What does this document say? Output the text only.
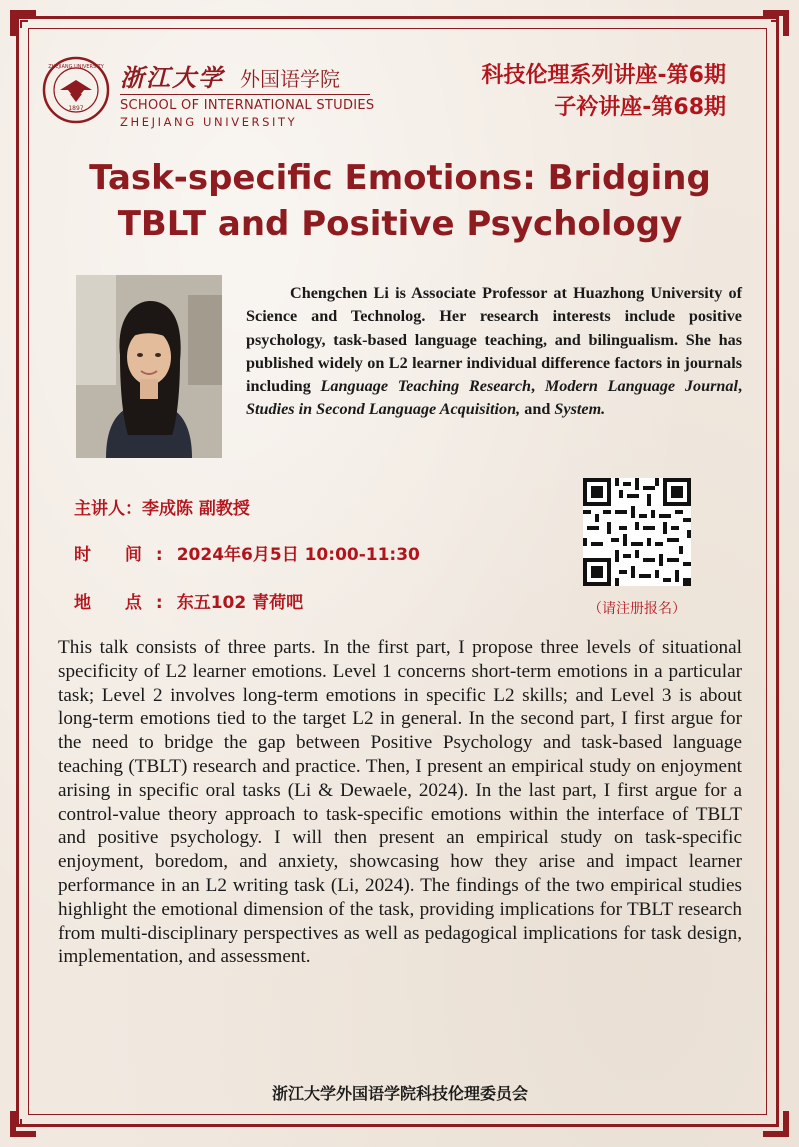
1897
ZHEJIANG UNIVERSITY 浙江大学 外国语学院
SCHOOL OF INTERNATIONAL STUDIES
ZHEJIANG UNIVERSITY
科技伦理系列讲座-第6期
子衿讲座-第68期
Task-specific Emotions: Bridging
TBLT and Positive Psychology
Chengchen Li is Associate Professor at Huazhong University of Science and Technolog. Her research interests include positive psychology, task-based language teaching, and bilingualism. She has published widely on L2 learner individual difference factors in journals including Language Teaching Research, Modern Language Journal, Studies in Second Language Acquisition, and System.
主讲人：李成陈 副教授
时 间:2024年6月5日 10:00-11:30
地 点:东五102 青荷吧	（请注册报名）
This talk consists of three parts. In the first part, I propose three levels of situational specificity of L2 learner emotions. Level 1 concerns short-term emotions in a particular task; Level 2 involves long-term emotions in specific L2 skills; and Level 3 is about long-term emotions tied to the target L2 in general. In the second part, I first argue for the need to bridge the gap between Positive Psychology and task-based language teaching (TBLT) research and practice. Then, I present an empirical study on enjoyment arising in specific oral tasks (Li & Dewaele, 2024). In the last part, I first argue for a control-value theory approach to task-specific emotions within the interface of TBLT and positive psychology. I will then present an empirical study on task-specific enjoyment, boredom, and anxiety, showcasing how they arise and impact learner performance in an L2 writing task (Li, 2024). The findings of the two empirical studies highlight the emotional dimension of the task, providing implications for TBLT research from multi-disciplinary perspectives as well as pedagogical implications for task design, implementation, and assessment.
浙江大学外国语学院科技伦理委员会
